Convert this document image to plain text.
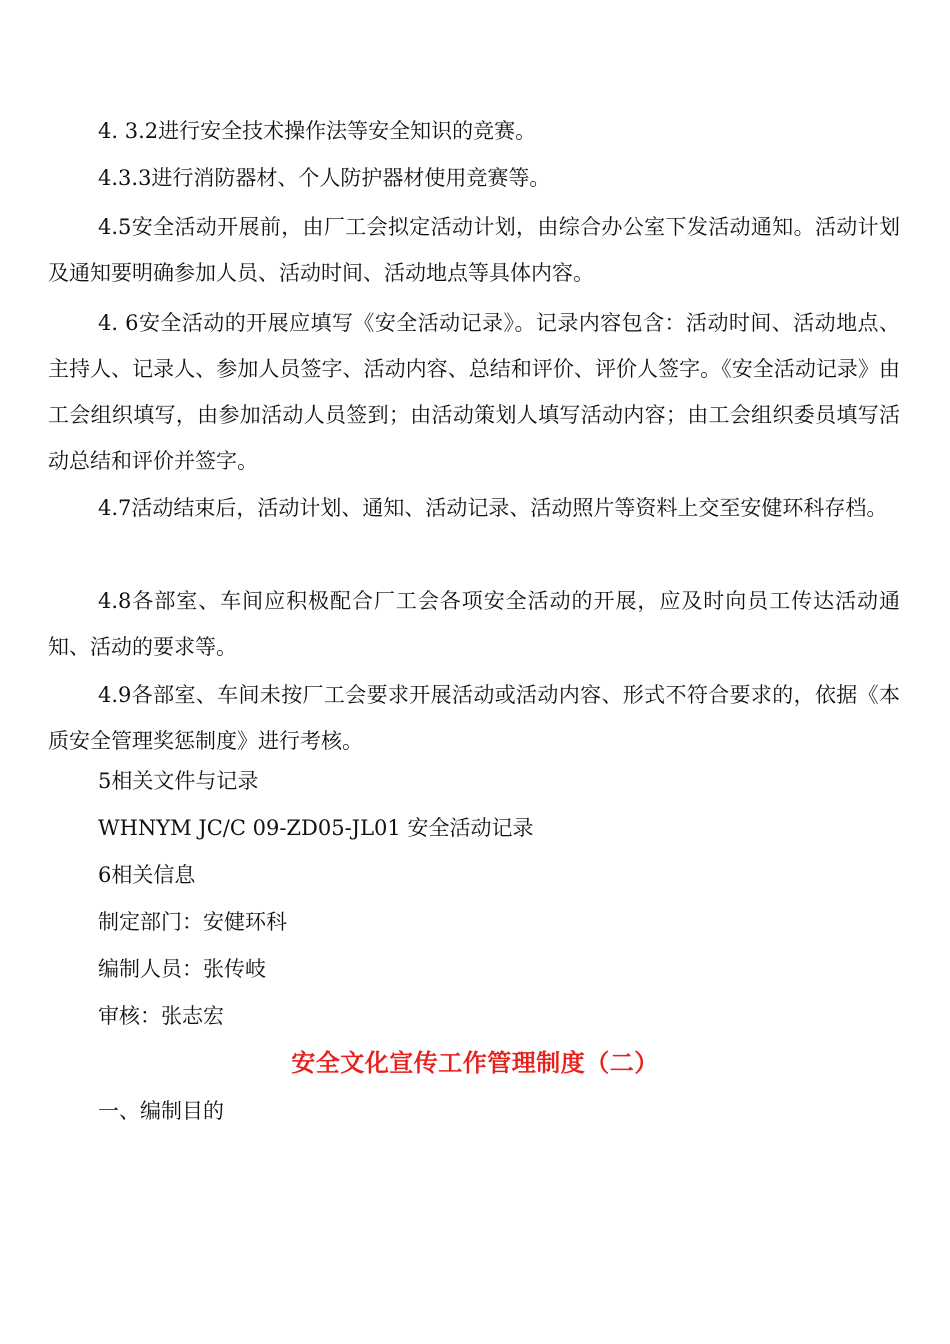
4. 3.2进行安全技术操作法等安全知识的竞赛。

4.3.3进行消防器材、个人防护器材使用竞赛等。

4.5安全活动开展前，由厂工会拟定活动计划，由综合办公室下发活动通知。活动计划及通知要明确参加人员、活动时间、活动地点等具体内容。

4. 6安全活动的开展应填写《安全活动记录》。记录内容包含：活动时间、活动地点、主持人、记录人、参加人员签字、活动内容、总结和评价、评价人签字。《安全活动记录》由工会组织填写，由参加活动人员签到；由活动策划人填写活动内容；由工会组织委员填写活动总结和评价并签字。

4.7活动结束后，活动计划、通知、活动记录、活动照片等资料上交至安健环科存档。

4.8各部室、车间应积极配合厂工会各项安全活动的开展，应及时向员工传达活动通知、活动的要求等。

4.9各部室、车间未按厂工会要求开展活动或活动内容、形式不符合要求的，依据《本质安全管理奖惩制度》进行考核。

5相关文件与记录

WHNYM JC/C 09-ZD05-JL01 安全活动记录

6相关信息

制定部门：安健环科

编制人员：张传岐

审核：张志宏

安全文化宣传工作管理制度（二）

一、编制目的
